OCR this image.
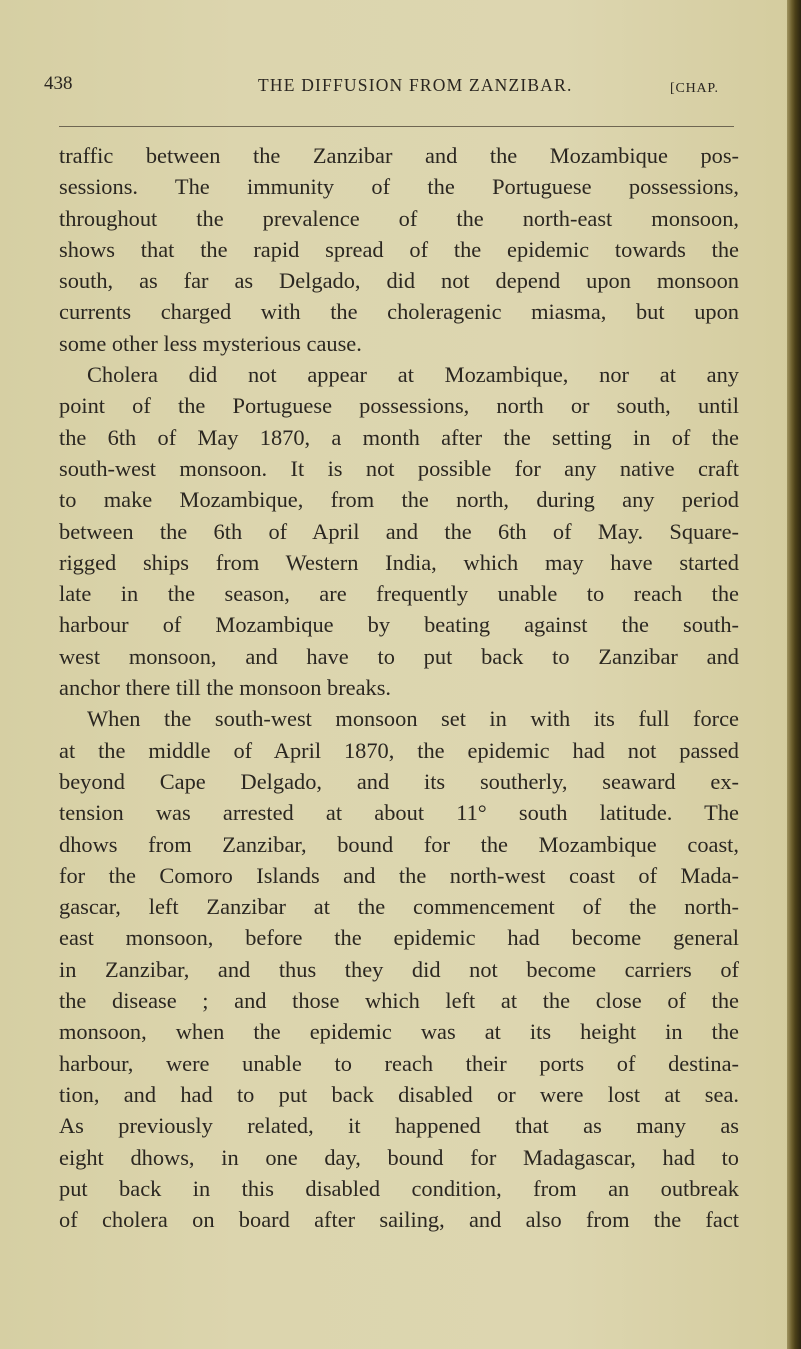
438	THE DIFFUSION FROM ZANZIBAR.	[CHAP.
traffic between the Zanzibar and the Mozambique pos-
sessions. The immunity of the Portuguese possessions,
throughout the prevalence of the north-east monsoon,
shows that the rapid spread of the epidemic towards the
south, as far as Delgado, did not depend upon monsoon
currents charged with the choleragenic miasma, but upon
some other less mysterious cause.
Cholera did not appear at Mozambique, nor at any
point of the Portuguese possessions, north or south, until
the 6th of May 1870, a month after the setting in of the
south-west monsoon. It is not possible for any native craft
to make Mozambique, from the north, during any period
between the 6th of April and the 6th of May. Square-
rigged ships from Western India, which may have started
late in the season, are frequently unable to reach the
harbour of Mozambique by beating against the south-
west monsoon, and have to put back to Zanzibar and
anchor there till the monsoon breaks.
When the south-west monsoon set in with its full force
at the middle of April 1870, the epidemic had not passed
beyond Cape Delgado, and its southerly, seaward ex-
tension was arrested at about 11° south latitude. The
dhows from Zanzibar, bound for the Mozambique coast,
for the Comoro Islands and the north-west coast of Mada-
gascar, left Zanzibar at the commencement of the north-
east monsoon, before the epidemic had become general
in Zanzibar, and thus they did not become carriers of
the disease ; and those which left at the close of the
monsoon, when the epidemic was at its height in the
harbour, were unable to reach their ports of destina-
tion, and had to put back disabled or were lost at sea.
As previously related, it happened that as many as
eight dhows, in one day, bound for Madagascar, had to
put back in this disabled condition, from an outbreak
of cholera on board after sailing, and also from the fact
